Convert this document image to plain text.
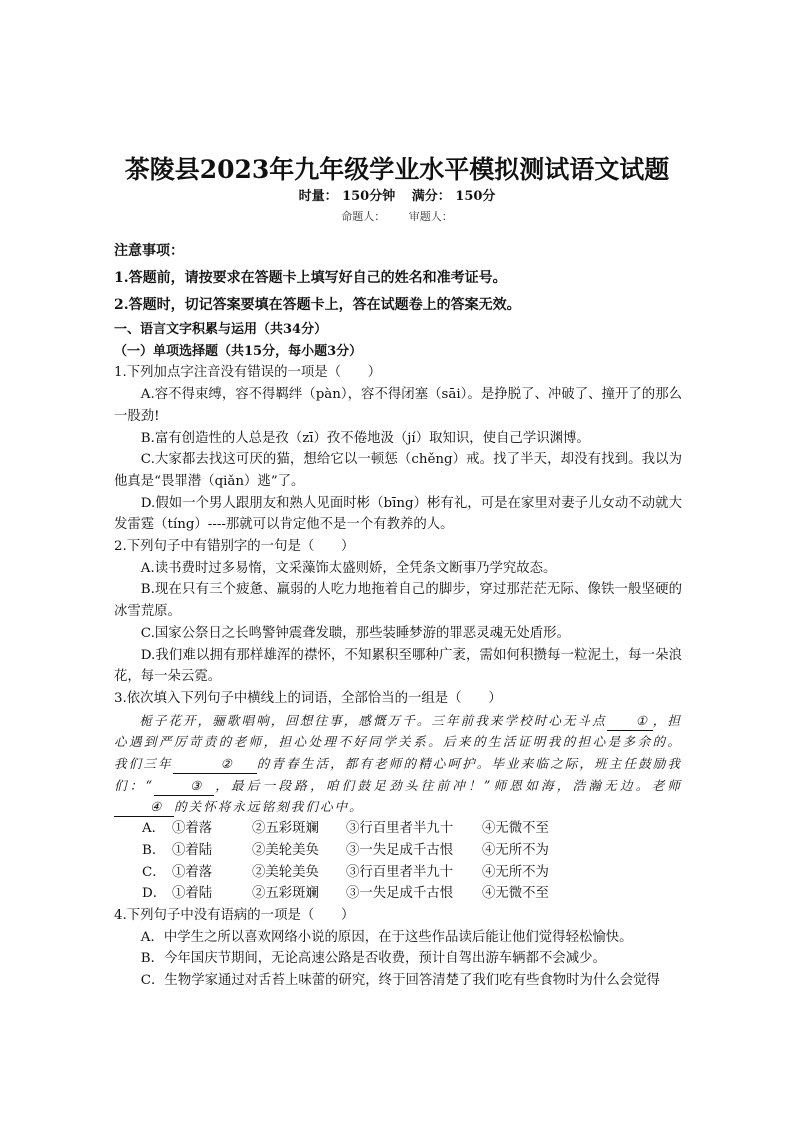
茶陵县2023年九年级学业水平模拟测试语文试题
时量： 150分钟 满分： 150分
命题人： 审题人：

注意事项：

1.答题前，请按要求在答题卡上填写好自己的姓名和准考证号。

2.答题时，切记答案要填在答题卡上，答在试题卷上的答案无效。

一、语言文字积累与运用（共34分）

（一）单项选择题（共15分，每小题3分）

1.下列加点字注音没有错误的一项是（　　）

A.容不得束缚，容不得羁绊（pàn），容不得闭塞（sāi）。是挣脱了、冲破了、撞开了的那么一股劲!

B.富有创造性的人总是孜（zī）孜不倦地汲（jí）取知识，使自己学识渊博。

C.大家都去找这可厌的猫，想给它以一顿惩（chěng）戒。找了半天，却没有找到。我以为他真是“畏罪潜（qiǎn）逃”了。

D.假如一个男人跟朋友和熟人见面时彬（bīng）彬有礼，可是在家里对妻子儿女动不动就大发雷霆（tíng）----那就可以肯定他不是一个有教养的人。

2.下列句子中有错别字的一句是（　　）

A.读书费时过多易惰，文采藻饰太盛则娇，全凭条文断事乃学究故态。

B.现在只有三个疲惫、羸弱的人吃力地拖着自己的脚步，穿过那茫茫无际、像铁一般坚硬的冰雪荒原。

C.国家公祭日之长鸣警钟震聋发聩，那些装睡梦游的罪恶灵魂无处盾形。

D.我们难以拥有那样雄浑的襟怀，不知累积至哪种广袤，需如何积攒每一粒泥土，每一朵浪花，每一朵云霓。

3.依次填入下列句子中横线上的词语，全部恰当的一组是（　　）

栀子花开，骊歌唱响，回想往事，感慨万千。三年前我来学校时心无斗点 ① ，担心遇到严厉苛责的老师，担心处理不好同学关系。后来的生活证明我的担心是多余的。我们三年	② 的青春生活，都有老师的精心呵护。毕业来临之际，班主任鼓励我们：“	③ ，最后一段路，咱们鼓足劲头往前冲！”师恩如海，浩瀚无边。老师④ 的关怀将永远铭刻我们心中。

A． ①着落	②五彩斑斓	③行百里者半九十	④无微不至
B． ①着陆	②美轮美奂	③一失足成千古恨	④无所不为
C． ①着落	②美轮美奂	③行百里者半九十	④无所不为
D． ①着陆	②五彩斑斓	③一失足成千古恨	④无微不至

4.下列句子中没有语病的一项是（　　）

A．中学生之所以喜欢网络小说的原因，在于这些作品读后能让他们觉得轻松愉快。

B．今年国庆节期间，无论高速公路是否收费，预计自驾出游车辆都不会减少。

C．生物学家通过对舌苔上味蕾的研究，终于回答清楚了我们吃有些食物时为什么会觉得
